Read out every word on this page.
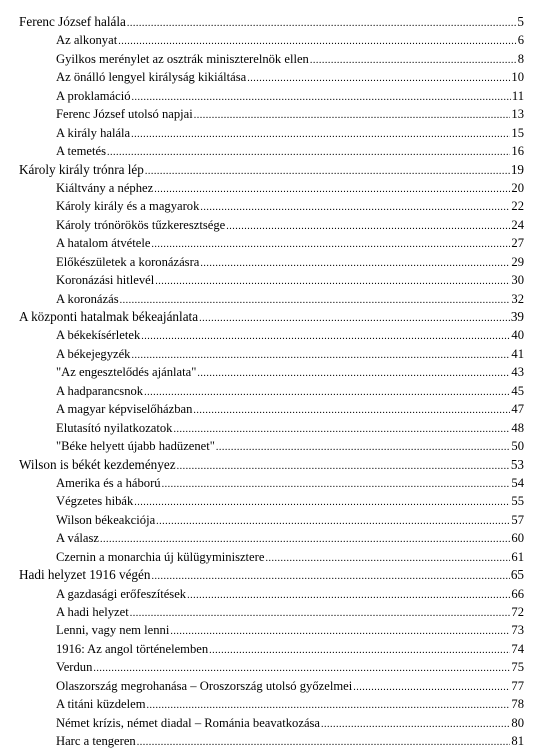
Ferenc József halála .....	5
Az alkonyat .....	6
Gyilkos merénylet az osztrák miniszterelnök ellen .....	8
Az önálló lengyel királyság kikiáltása .....	10
A proklamáció .....	11
Ferenc József utolsó napjai .....	13
A király halála .....	15
A temetés .....	16
Károly király trónra lép .....	19
Kiáltvány a néphez .....	20
Károly király és a magyarok .....	22
Károly trónörökös tűzkeresztsége .....	24
A hatalom átvétele .....	27
Előkészületek a koronázásra .....	29
Koronázási hitlevél .....	30
A koronázás .....	32
A központi hatalmak békeajánlata .....	39
A békekísérletek .....	40
A békejegyzék .....	41
"Az engesztelődés ajánlata" .....	43
A hadparancsnok .....	45
A magyar képviselőházban .....	47
Elutasító nyilatkozatok .....	48
"Béke helyett újabb hadüzenet" .....	50
Wilson is békét kezdeményez .....	53
Amerika és a háború .....	54
Végzetes hibák .....	55
Wilson békeakciója .....	57
A válasz .....	60
Czernin a monarchia új külügyminisztere .....	61
Hadi helyzet 1916 végén .....	65
A gazdasági erőfeszítések .....	66
A hadi helyzet .....	72
Lenni, vagy nem lenni .....	73
1916: Az angol történelemben .....	74
Verdun .....	75
Olaszország megrohanása – Oroszország utolsó győzelmei .....	77
A titáni küzdelem .....	78
Német krízis, német diadal – Románia beavatkozása .....	80
Harc a tengeren .....	81
